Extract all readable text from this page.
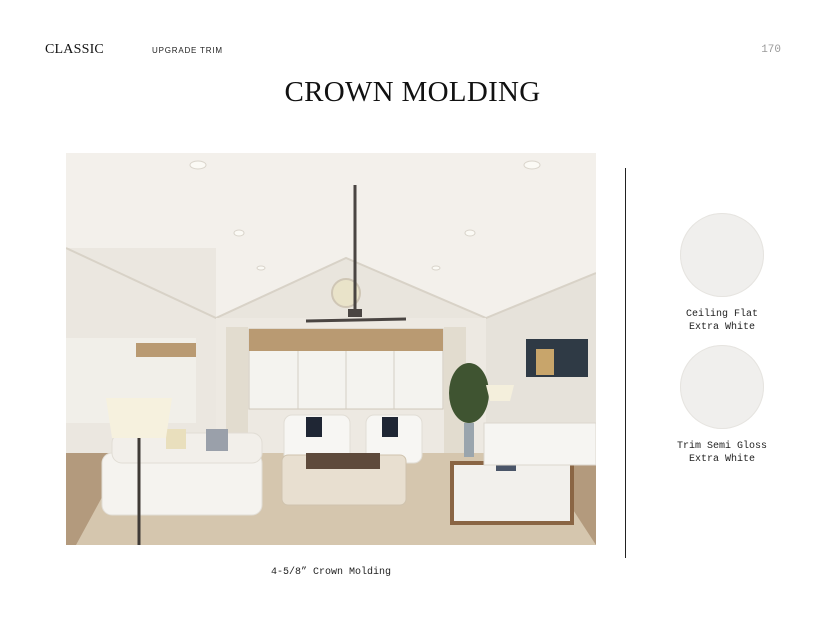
CLASSIC	UPGRADE TRIM	170
CROWN MOLDING
4-5/8” Crown Molding
Ceiling Flat
Extra White
Trim Semi Gloss
Extra White
